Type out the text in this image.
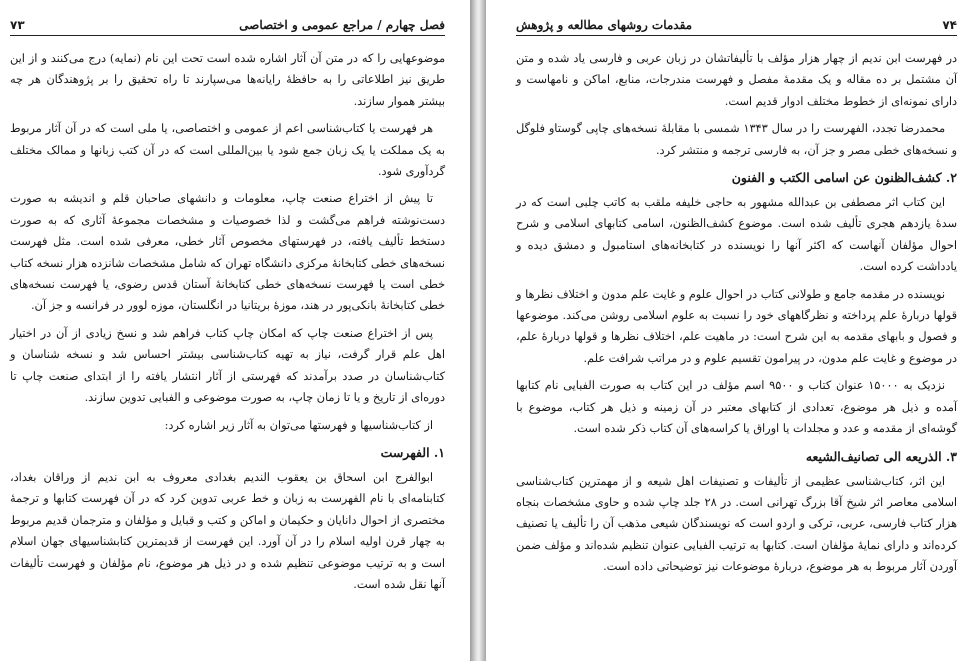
فصل چهارم / مراجع عمومی و اختصاصی
۷۳

موضوعهایی را که در متن آن آثار اشاره شده است تحت این نام (نمایه) درج می‌کنند و از این طریق نیز اطلاعاتی را به حافظهٔ رایانه‌ها می‌سپارند تا راه تحقیق را بر پژوهندگان هر چه بیشتر هموار سازند.

هر فهرست یا کتاب‌شناسی اعم از عمومی و اختصاصی، یا ملی است که در آن آثار مربوط به یک مملکت یا یک زبان جمع شود یا بین‌المللی است که در آن کتب زبانها و ممالک مختلف گردآوری شود.

تا پیش از اختراع صنعت چاپ، معلومات و دانشهای صاحبان قلم و اندیشه به صورت دست‌نوشته فراهم می‌گشت و لذا خصوصیات و مشخصات مجموعهٔ آثاری که به صورت دستخط تألیف یافته، در فهرستهای مخصوص آثار خطی، معرفی شده است. مثل فهرست نسخه‌های خطی کتابخانهٔ مرکزی دانشگاه تهران که شامل مشخصات شانزده هزار نسخه کتاب خطی است یا فهرست نسخه‌های خطی کتابخانهٔ آستان قدس رضوی، یا فهرست نسخه‌های خطی کتابخانهٔ بانکی‌پور در هند، موزهٔ بریتانیا در انگلستان، موزه لوور در فرانسه و جز آن.

پس از اختراع صنعت چاپ که امکان چاپ کتاب فراهم شد و نسخ زیادی از آن در اختیار اهل علم قرار گرفت، نیاز به تهیه کتاب‌شناسی بیشتر احساس شد و نسخه شناسان و کتاب‌شناسان در صدد برآمدند که فهرستی از آثار انتشار یافته را از ابتدای صنعت چاپ تا دوره‌ای از تاریخ و یا تا زمان چاپ، به صورت موضوعی و الفبایی تدوین سازند.

از کتاب‌شناسیها و فهرستها می‌توان به آثار زیر اشاره کرد:

۱. الفهرست

ابوالفرج ابن اسحاق بن یعقوب النديم بغدادی معروف به ابن نديم از وراقان بغداد، کتابنامه‌ای با نام الفهرست به زبان و خط عربی تدوین کرد که در آن فهرست کتابها و ترجمهٔ مختصری از احوال دانایان و حکیمان و اماکن و کتب و قبایل و مؤلفان و مترجمان قدیم مربوط به چهار قرن اولیه اسلام را در آن آورد. این فهرست از قدیمترین کتابشناسیهای جهان اسلام است و به ترتیب موضوعی تنظیم شده و در ذیل هر موضوع، نام مؤلفان و فهرست تألیفات آنها نقل شده است.

۷۴
مقدمات روشهای مطالعه و پژوهش

در فهرست ابن نديم از چهار هزار مؤلف با تألیفاتشان در زبان عربی و فارسی یاد شده و متن آن مشتمل بر ده مقاله و یک مقدمهٔ مفصل و فهرست مندرجات، منابع، اماکن و نامهاست و دارای نمونه‌ای از خطوط مختلف ادوار قدیم است.

محمدرضا تجدد، الفهرست را در سال ۱۳۴۳ شمسی با مقابلهٔ نسخه‌های چاپی گوستاو فلوگل و نسخه‌های خطی مصر و جز آن، به فارسی ترجمه و منتشر کرد.

۲. کشف‌الظنون عن اسامی الکتب و الفنون

این کتاب اثر مصطفی بن عبدالله مشهور به حاجی خلیفه ملقب به کاتب چلبی است که در سدهٔ یازدهم هجری تألیف شده است. موضوع کشف‌الظنون، اسامی کتابهای اسلامی و شرح احوال مؤلفان آنهاست که اکثر آنها را نویسنده در کتابخانه‌های استامبول و دمشق دیده و یادداشت کرده است.

نویسنده در مقدمه جامع و طولانی کتاب در احوال علوم و غایت علم مدون و اختلاف نظرها و قولها دربارهٔ علم پرداخته و نظرگاههای خود را نسبت به علوم اسلامی روشن می‌کند. موضوعها و فصول و بابهای مقدمه به این شرح است: در ماهیت علم، اختلاف نظرها و قولها دربارهٔ علم، در موضوع و غایت علم مدون، در پیرامون تقسیم علوم و در مراتب شرافت علم.

نزدیک به ۱۵۰۰۰ عنوان کتاب و ۹۵۰۰ اسم مؤلف در این کتاب به صورت الفبایی نام کتابها آمده و ذیل هر موضوع، تعدادی از کتابهای معتبر در آن زمینه و ذیل هر کتاب، موضوع با گوشه‌ای از مقدمه و عدد و مجلدات یا اوراق یا کراسه‌های آن کتاب ذکر شده است.

۳. الذریعه الی تصانیف‌الشیعه

این اثر، کتاب‌شناسی عظیمی از تألیفات و تصنیفات اهل شیعه و از مهمترین کتاب‌شناسی اسلامی معاصر اثر شیخ آقا بزرگ تهرانی است. در ۲۸ جلد چاپ شده و حاوی مشخصات بنجاه هزار کتاب فارسی، عربی، ترکی و اردو است که نویسندگان شیعی مذهب آن را تألیف یا تصنیف کرده‌اند و دارای نمایهٔ مؤلفان است. کتابها به ترتیب الفبایی عنوان تنظیم شده‌اند و مؤلف ضمن آوردن آثار مربوط به هر موضوع، دربارهٔ موضوعات نیز توضیحاتی داده است.
